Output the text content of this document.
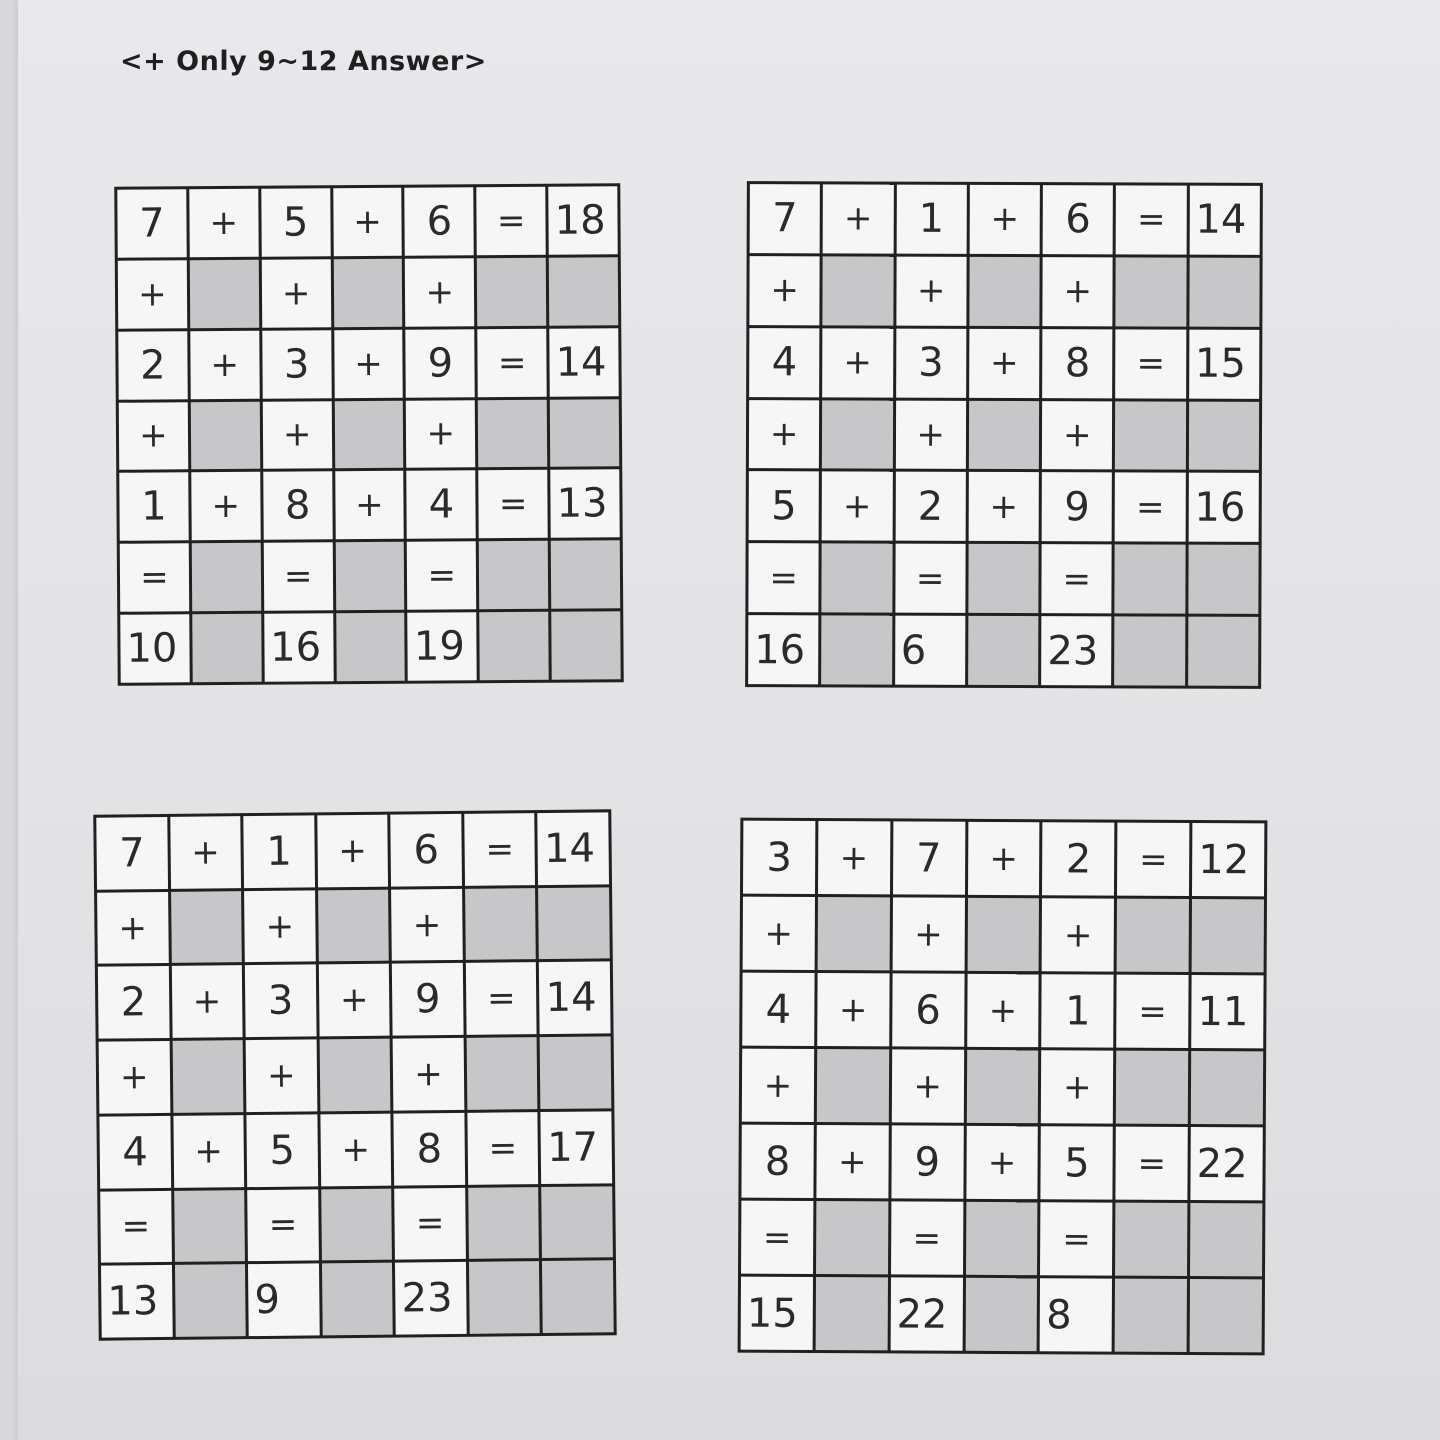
<+ Only 9~12 Answer>
7	+	5	+	6	= 18
+	+	+
2	+	3	+	9	= 14
+	+	+
1	+	8	+	4	= 13
=	=	=
10	16	19
7	+	1	+	6	= 14
+	+	+
4	+	3	+	8	= 15
+	+	+
5	+	2	+	9	= 16
=	=	=
16	6	23
7	+	1	+	6	= 14
+	+	+
2	+	3	+	9	= 14
+	+	+
4	+	5	+	8	= 17
=	=	=
13	9	23
3	+	7	+	2	= 12
+	+	+
4	+	6	+	1	= 11
+	+	+
8	+	9	+	5	= 22
=	=	=
15	22	8
